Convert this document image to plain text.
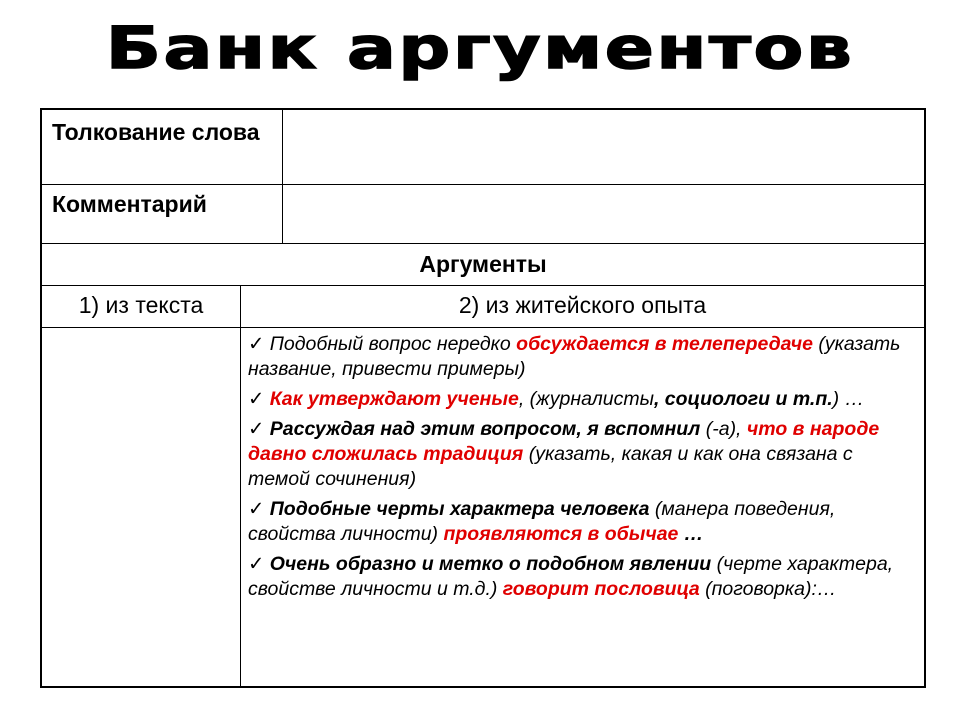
Банк аргументов
Толкование слова
Комментарий
Аргументы
1) из текста	2) из житейского опыта
✓ Подобный вопрос нередко обсуждается в телепередаче (указать название, привести примеры)
✓ Как утверждают ученые, (журналисты, социологи и т.п.) …
✓ Рассуждая над этим вопросом, я вспомнил (-а), что в народе давно сложилась традиция (указать, какая и как она связана с темой сочинения)
✓ Подобные черты характера человека (манера поведения, свойства личности) проявляются в обычае …
✓ Очень образно и метко о подобном явлении (черте характера, свойстве личности и т.д.) говорит пословица (поговорка):…
